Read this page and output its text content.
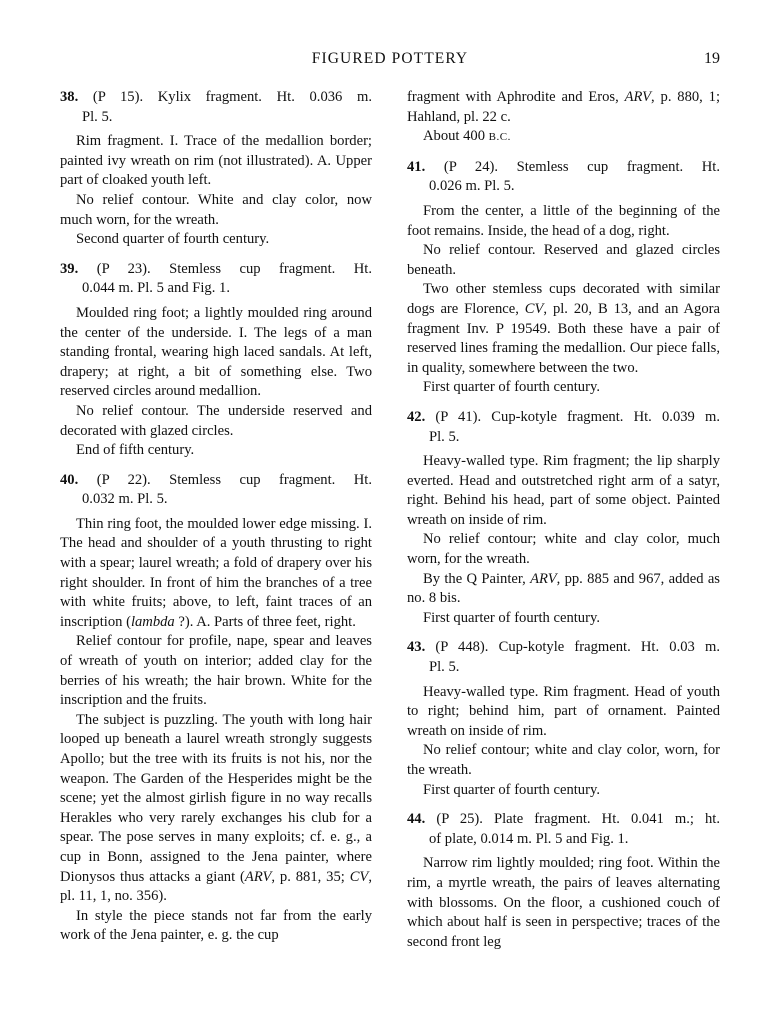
FIGURED POTTERY	19
38. (P 15). Kylix fragment. Ht. 0.036 m.
Pl. 5.

Rim fragment. I. Trace of the medallion border; painted ivy wreath on rim (not illustrated). A. Upper part of cloaked youth left.

No relief contour. White and clay color, now much worn, for the wreath.

Second quarter of fourth century.

39. (P 23). Stemless cup fragment. Ht.
0.044 m. Pl. 5 and Fig. 1.

Moulded ring foot; a lightly moulded ring around the center of the underside. I. The legs of a man standing frontal, wearing high laced sandals. At left, drapery; at right, a bit of something else. Two reserved circles around medallion.

No relief contour. The underside reserved and decorated with glazed circles.

End of fifth century.

40. (P 22). Stemless cup fragment. Ht.
0.032 m. Pl. 5.

Thin ring foot, the moulded lower edge missing. I. The head and shoulder of a youth thrusting to right with a spear; laurel wreath; a fold of drapery over his right shoulder. In front of him the branches of a tree with white fruits; above, to left, faint traces of an inscription (lambda ?). A. Parts of three feet, right.

Relief contour for profile, nape, spear and leaves of wreath of youth on interior; added clay for the berries of his wreath; the hair brown. White for the inscription and the fruits.

The subject is puzzling. The youth with long hair looped up beneath a laurel wreath strongly suggests Apollo; but the tree with its fruits is not his, nor the weapon. The Garden of the Hesperides might be the scene; yet the almost girlish figure in no way recalls Herakles who very rarely exchanges his club for a spear. The pose serves in many exploits; cf. e. g., a cup in Bonn, assigned to the Jena painter, where Dionysos thus attacks a giant (ARV, p. 881, 35; CV, pl. 11, 1, no. 356).

In style the piece stands not far from the early work of the Jena painter, e. g. the cup

fragment with Aphrodite and Eros, ARV, p. 880, 1; Hahland, pl. 22 c.

About 400 B.C.

41. (P 24). Stemless cup fragment. Ht.
0.026 m. Pl. 5.

From the center, a little of the beginning of the foot remains. Inside, the head of a dog, right.

No relief contour. Reserved and glazed circles beneath.

Two other stemless cups decorated with similar dogs are Florence, CV, pl. 20, B 13, and an Agora fragment Inv. P 19549. Both these have a pair of reserved lines framing the medallion. Our piece falls, in quality, somewhere between the two.

First quarter of fourth century.

42. (P 41). Cup-kotyle fragment. Ht. 0.039 m.
Pl. 5.

Heavy-walled type. Rim fragment; the lip sharply everted. Head and outstretched right arm of a satyr, right. Behind his head, part of some object. Painted wreath on inside of rim.

No relief contour; white and clay color, much worn, for the wreath.

By the Q Painter, ARV, pp. 885 and 967, added as no. 8 bis.

First quarter of fourth century.

43. (P 448). Cup-kotyle fragment. Ht. 0.03 m.
Pl. 5.

Heavy-walled type. Rim fragment. Head of youth to right; behind him, part of ornament. Painted wreath on inside of rim.

No relief contour; white and clay color, worn, for the wreath.

First quarter of fourth century.

44. (P 25). Plate fragment. Ht. 0.041 m.; ht.
of plate, 0.014 m. Pl. 5 and Fig. 1.

Narrow rim lightly moulded; ring foot. Within the rim, a myrtle wreath, the pairs of leaves alternating with blossoms. On the floor, a cushioned couch of which about half is seen in perspective; traces of the second front leg
